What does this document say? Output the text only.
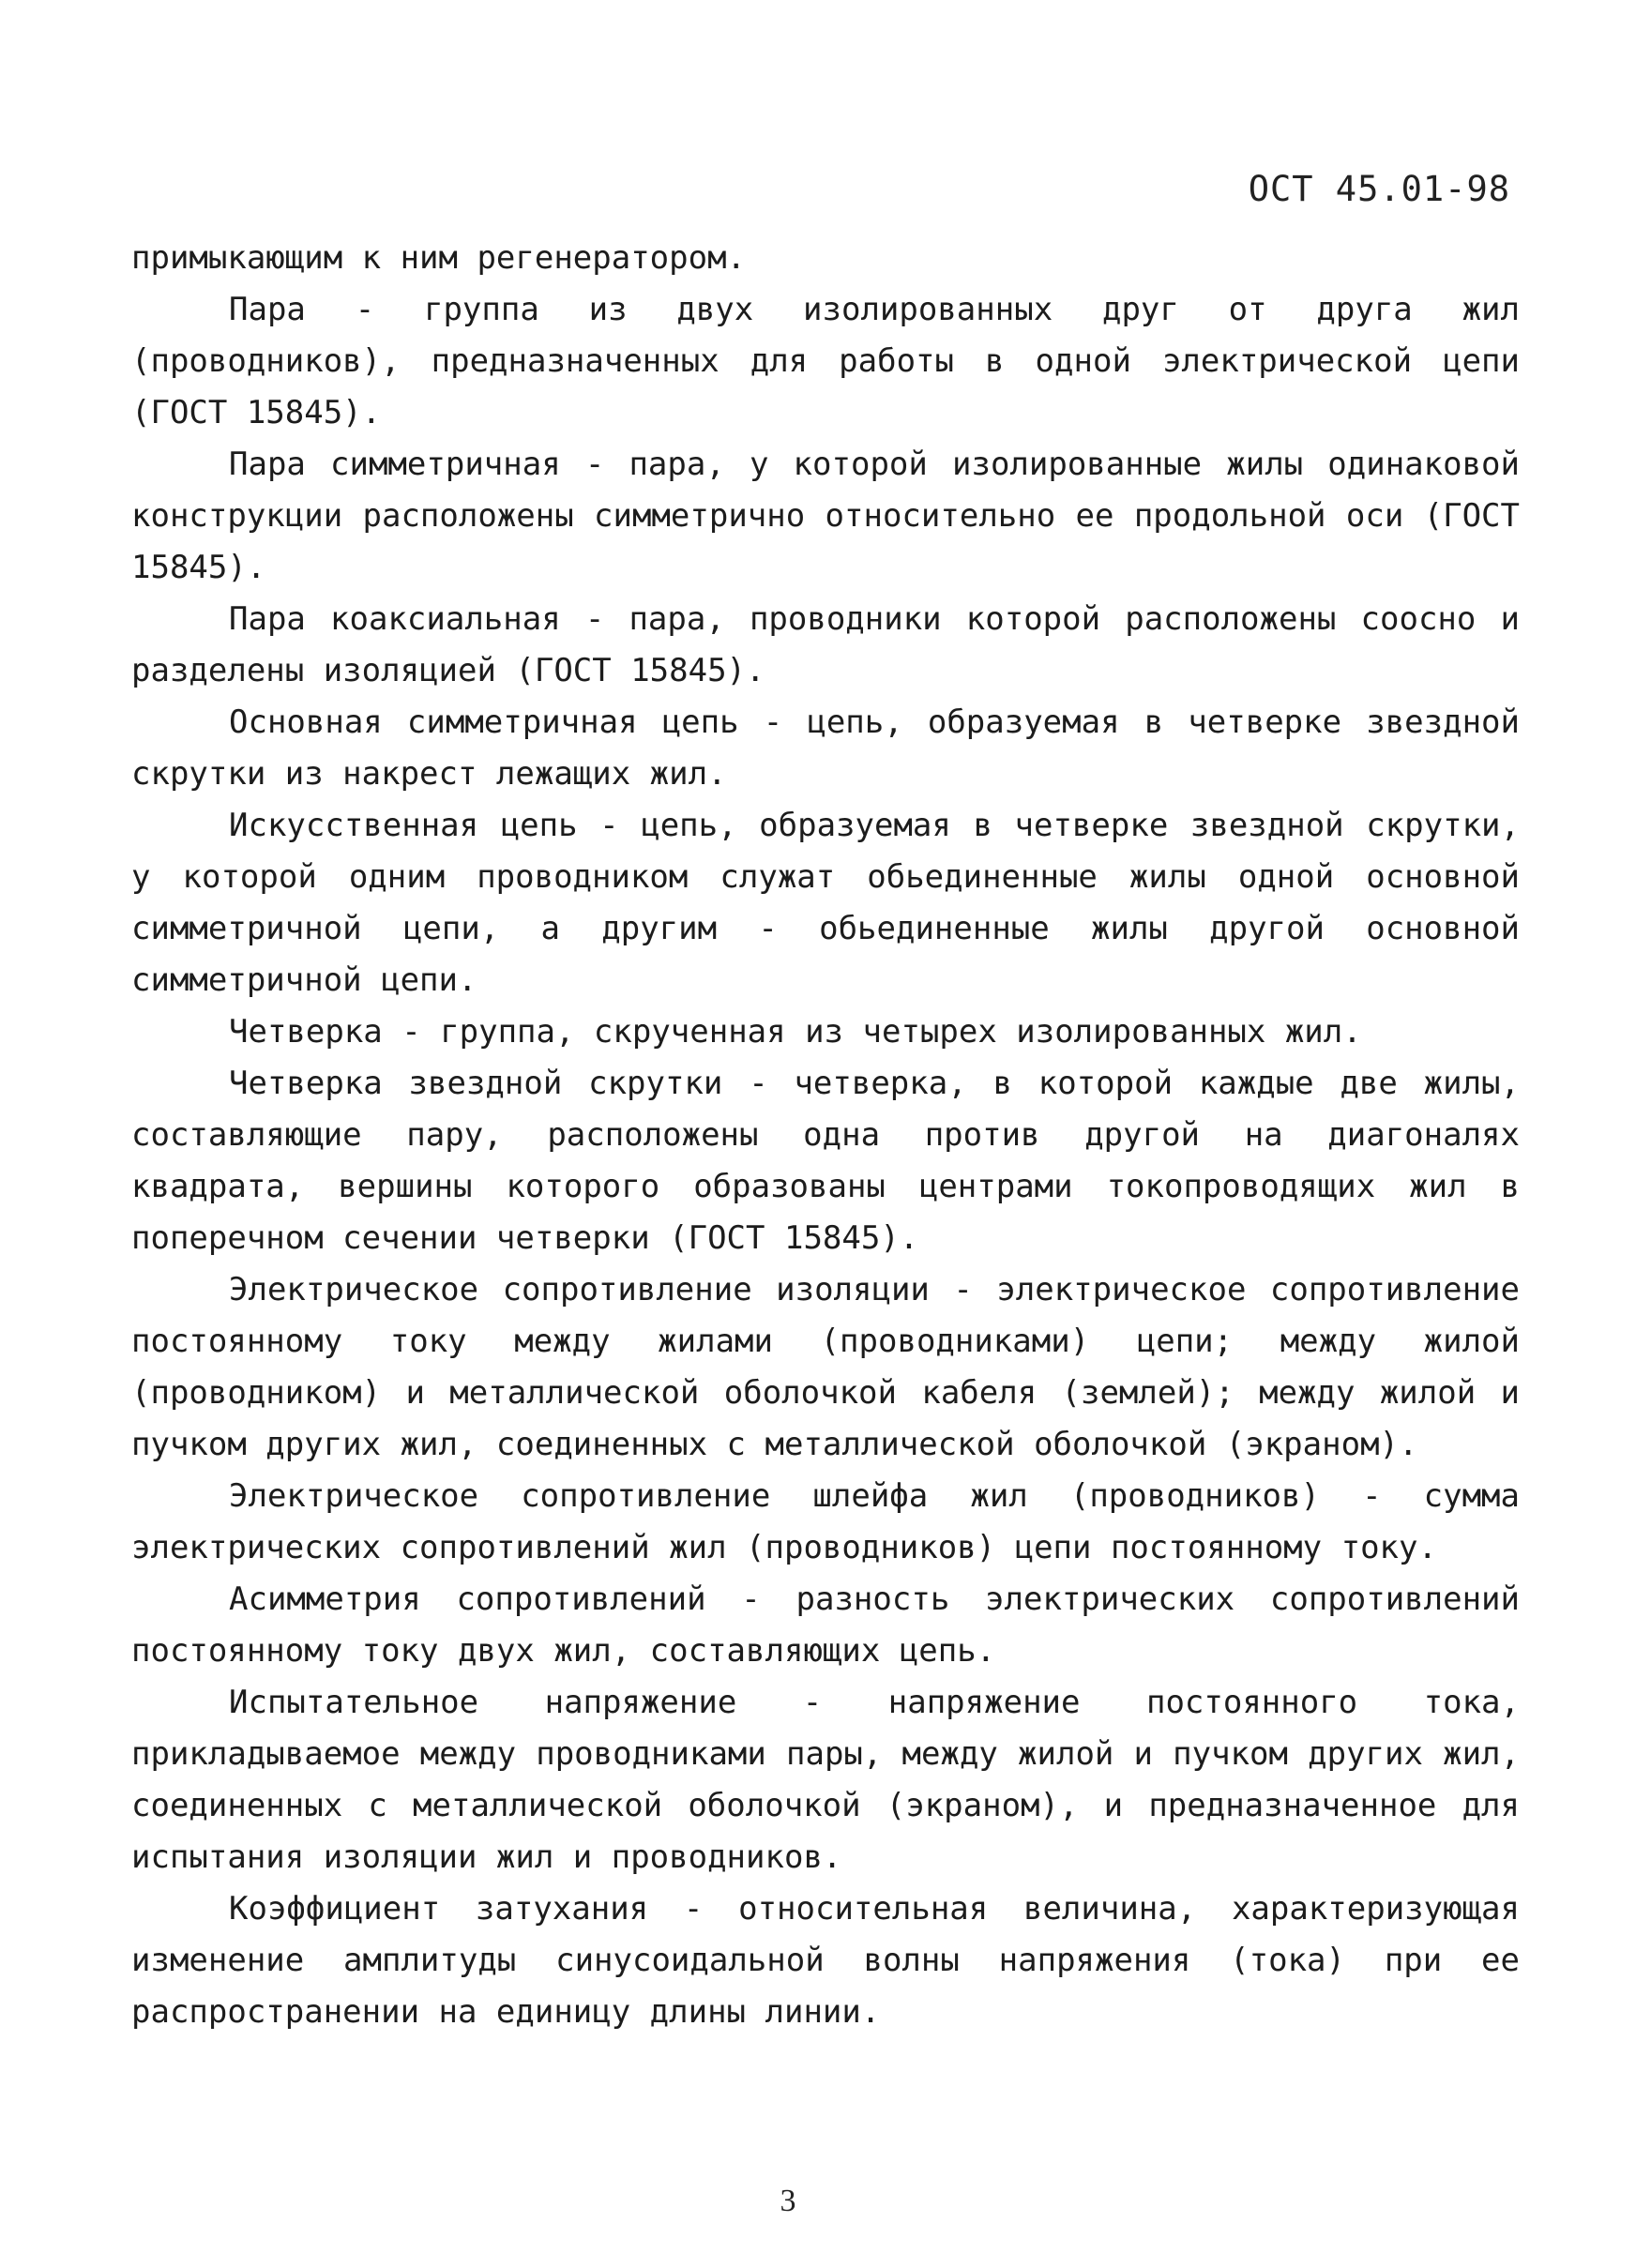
ОСТ 45.01-98

примыкающим к ним регенератором.

Пара - группа из двух изолированных друг от друга жил (проводников), предназначенных для работы в одной электрической цепи (ГОСТ 15845).

Пара симметричная - пара, у которой изолированные жилы одинаковой конструкции расположены симметрично относительно ее продольной оси (ГОСТ 15845).

Пара коаксиальная - пара, проводники которой расположены соосно и разделены изоляцией (ГОСТ 15845).

Основная симметричная цепь - цепь, образуемая в четверке звездной скрутки из накрест лежащих жил.

Искусственная цепь - цепь, образуемая в четверке звездной скрутки, у которой одним проводником служат обьединенные жилы одной основной симметричной цепи, а другим - обьединенные жилы другой основной симметричной цепи.

Четверка - группа, скрученная из четырех изолированных жил.

Четверка звездной скрутки - четверка, в которой каждые две жилы, составляющие пару, расположены одна против другой на диагоналях квадрата, вершины которого образованы центрами токопроводящих жил в поперечном сечении четверки (ГОСТ 15845).

Электрическое сопротивление изоляции - электрическое сопротивление постоянному току между жилами (проводниками) цепи; между жилой (проводником) и металлической оболочкой кабеля (землей); между жилой и пучком других жил, соединенных с металлической оболочкой (экраном).

Электрическое сопротивление шлейфа жил (проводников) - сумма электрических сопротивлений жил (проводников) цепи постоянному току.

Асимметрия сопротивлений - разность электрических сопротивлений постоянному току двух жил, составляющих цепь.

Испытательное напряжение - напряжение постоянного тока, прикладываемое между проводниками пары, между жилой и пучком других жил, соединенных с металлической оболочкой (экраном), и предназначенное для испытания изоляции жил и проводников.

Коэффициент затухания - относительная величина, характеризующая изменение амплитуды синусоидальной волны напряжения (тока) при ее распространении на единицу длины линии.

3
